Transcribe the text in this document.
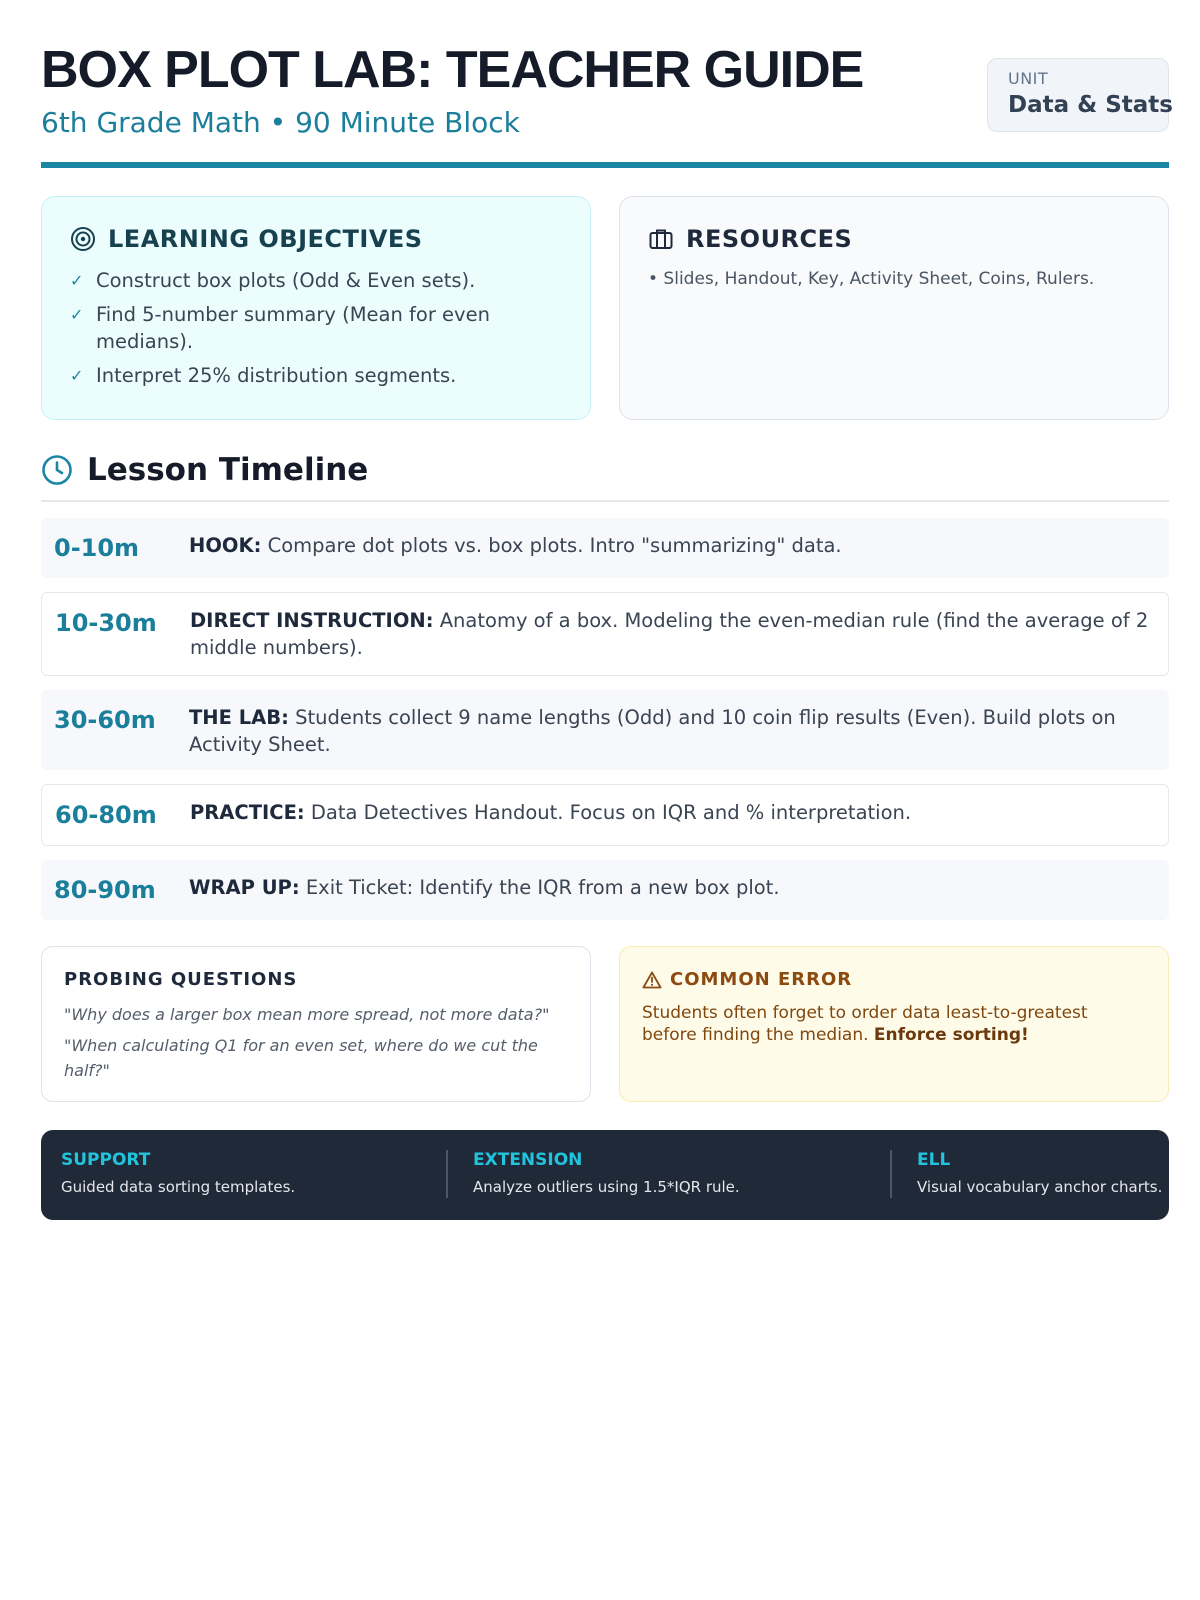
BOX PLOT LAB: TEACHER GUIDE
6th Grade Math • 90 Minute Block
UNIT
Data & Stats
LEARNING OBJECTIVES
✓ Construct box plots (Odd & Even sets).
✓ Find 5-number summary (Mean for even medians).
✓ Interpret 25% distribution segments.
RESOURCES
• Slides, Handout, Key, Activity Sheet, Coins, Rulers.
Lesson Timeline
0-10m	HOOK: Compare dot plots vs. box plots. Intro "summarizing" data.
10-30m	DIRECT INSTRUCTION: Anatomy of a box. Modeling the even-median rule (find the average of 2 middle numbers).
30-60m	THE LAB: Students collect 9 name lengths (Odd) and 10 coin flip results (Even). Build plots on Activity Sheet.
60-80m	PRACTICE: Data Detectives Handout. Focus on IQR and % interpretation.
80-90m	WRAP UP: Exit Ticket: Identify the IQR from a new box plot.
PROBING QUESTIONS
"Why does a larger box mean more spread, not more data?"
"When calculating Q1 for an even set, where do we cut the half?"
COMMON ERROR
Students often forget to order data least-to-greatest before finding the median. Enforce sorting!
SUPPORT
Guided data sorting templates.
EXTENSION
Analyze outliers using 1.5*IQR rule.
ELL
Visual vocabulary anchor charts.
